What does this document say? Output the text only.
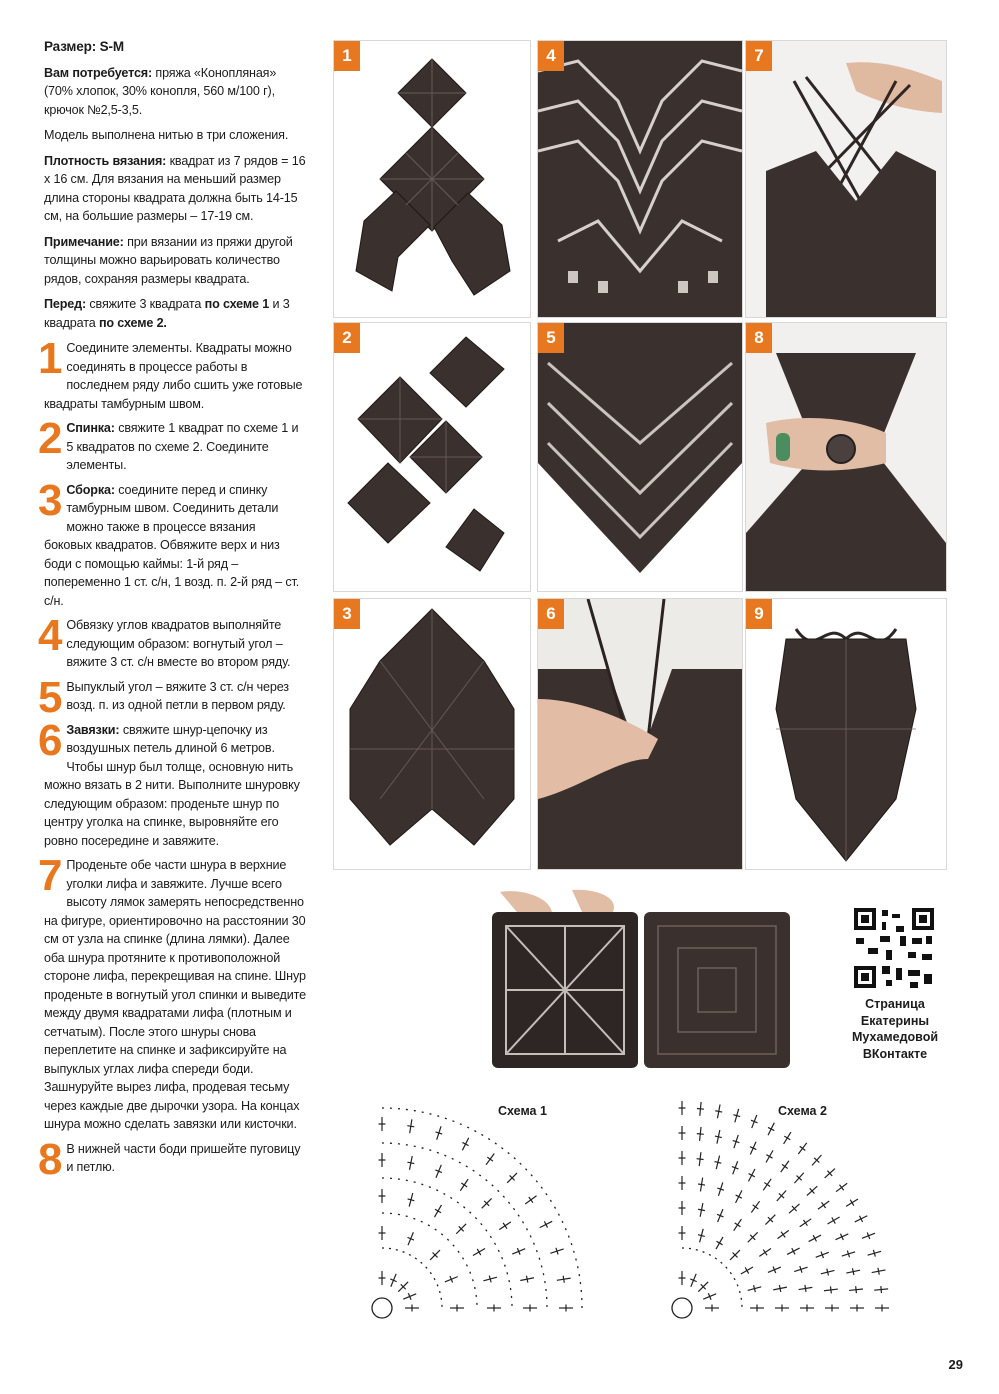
Размер: S-M

Вам потребуется: пряжа «Конопляная» (70% хлопок, 30% конопля, 560 м/100 г), крючок №2,5-3,5.

Модель выполнена нитью в три сложения.

Плотность вязания: квадрат из 7 рядов = 16 х 16 см. Для вязания на меньший размер длина стороны квадрата должна быть 14-15 см, на большие размеры – 17-19 см.

Примечание: при вязании из пряжи другой толщины можно варьировать количество рядов, сохраняя размеры квадрата.

Перед: свяжите 3 квадрата по схеме 1 и 3 квадрата по схеме 2.

1 Соедините элементы. Квадраты можно соединять в процессе работы в последнем ряду либо сшить уже готовые квадраты тамбурным швом.
2 Спинка: свяжите 1 квадрат по схеме 1 и 5 квадратов по схеме 2. Соедините элементы.
3 Сборка: соедините перед и спинку тамбурным швом. Соединить детали можно также в процессе вязания боковых квадратов. Обвяжите верх и низ боди с помощью каймы: 1-й ряд – попеременно 1 ст. с/н, 1 возд. п. 2-й ряд – ст. с/н.
4 Обвязку углов квадратов выполняйте следующим образом: вогнутый угол – вяжите 3 ст. с/н вместе во втором ряду.
5 Выпуклый угол – вяжите 3 ст. с/н через возд. п. из одной петли в первом ряду.
6 Завязки: свяжите шнур-цепочку из воздушных петель длиной 6 метров. Чтобы шнур был толще, основную нить можно вязать в 2 нити. Выполните шнуровку следующим образом: проденьте шнур по центру уголка на спинке, выровняйте его ровно посередине и завяжите.
7 Проденьте обе части шнура в верхние уголки лифа и завяжите. Лучше всего высоту лямок замерять непосредственно на фигуре, ориентировочно на расстоянии 30 см от узла на спинке (длина лямки). Далее оба шнура протяните к противоположной стороне лифа, перекрещивая на спине. Шнур проденьте в вогнутый угол спинки и выведите между двумя квадратами лифа (плотным и сетчатым). После этого шнуры снова переплетите на спинке и зафиксируйте на выпуклых углах лифа спереди боди. Зашнуруйте вырез лифа, продевая тесьму через каждые две дырочки узора. На концах шнура можно сделать завязки или кисточки.
8 В нижней части боди пришейте пуговицу и петлю.
1	4	7
2	5	8
3	6	9
Страница
Екатерины
Мухамедовой
ВКонтакте
Схема 1	Схема 2
29
